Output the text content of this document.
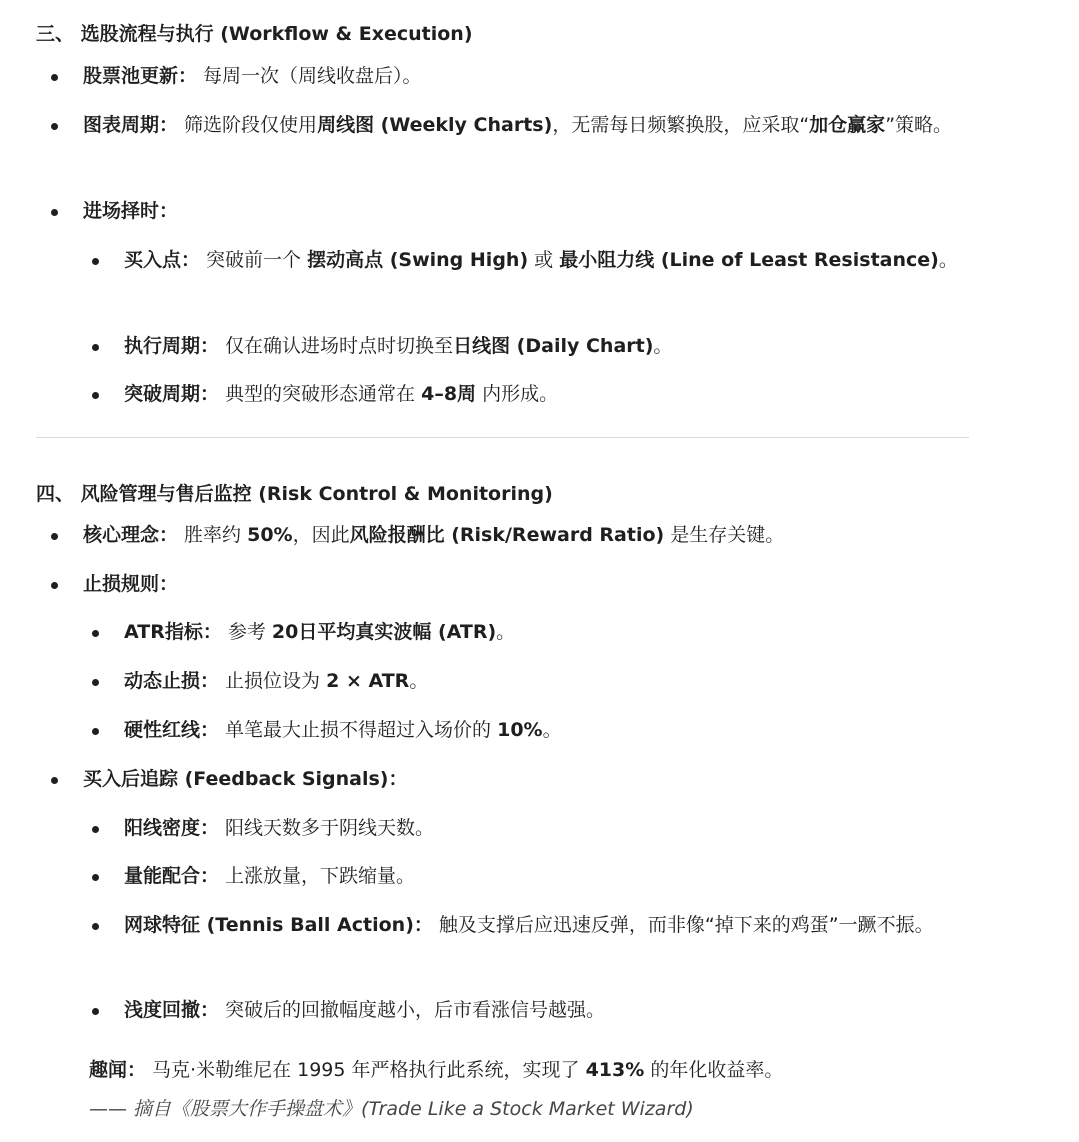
三、 选股流程与执行 (Workflow & Execution)
股票池更新： 每周一次（周线收盘后）。
图表周期： 筛选阶段仅使用周线图 (Weekly Charts)，无需每日频繁换股，应采取“加仓赢家”策略。
进场择时：
买入点： 突破前一个 摆动高点 (Swing High) 或 最小阻力线 (Line of Least Resistance)。
执行周期： 仅在确认进场时点时切换至日线图 (Daily Chart)。
突破周期： 典型的突破形态通常在 4–8周 内形成。
四、 风险管理与售后监控 (Risk Control & Monitoring)
核心理念： 胜率约 50%，因此风险报酬比 (Risk/Reward Ratio) 是生存关键。
止损规则：
ATR指标： 参考 20日平均真实波幅 (ATR)。
动态止损： 止损位设为 2 × ATR。
硬性红线： 单笔最大止损不得超过入场价的 10%。
买入后追踪 (Feedback Signals)：
阳线密度： 阳线天数多于阴线天数。
量能配合： 上涨放量，下跌缩量。
网球特征 (Tennis Ball Action)： 触及支撑后应迅速反弹，而非像“掉下来的鸡蛋”一蹶不振。
浅度回撤： 突破后的回撤幅度越小，后市看涨信号越强。
趣闻： 马克·米勒维尼在 1995 年严格执行此系统，实现了 413% 的年化收益率。
—— 摘自《股票大作手操盘术》(Trade Like a Stock Market Wizard)
